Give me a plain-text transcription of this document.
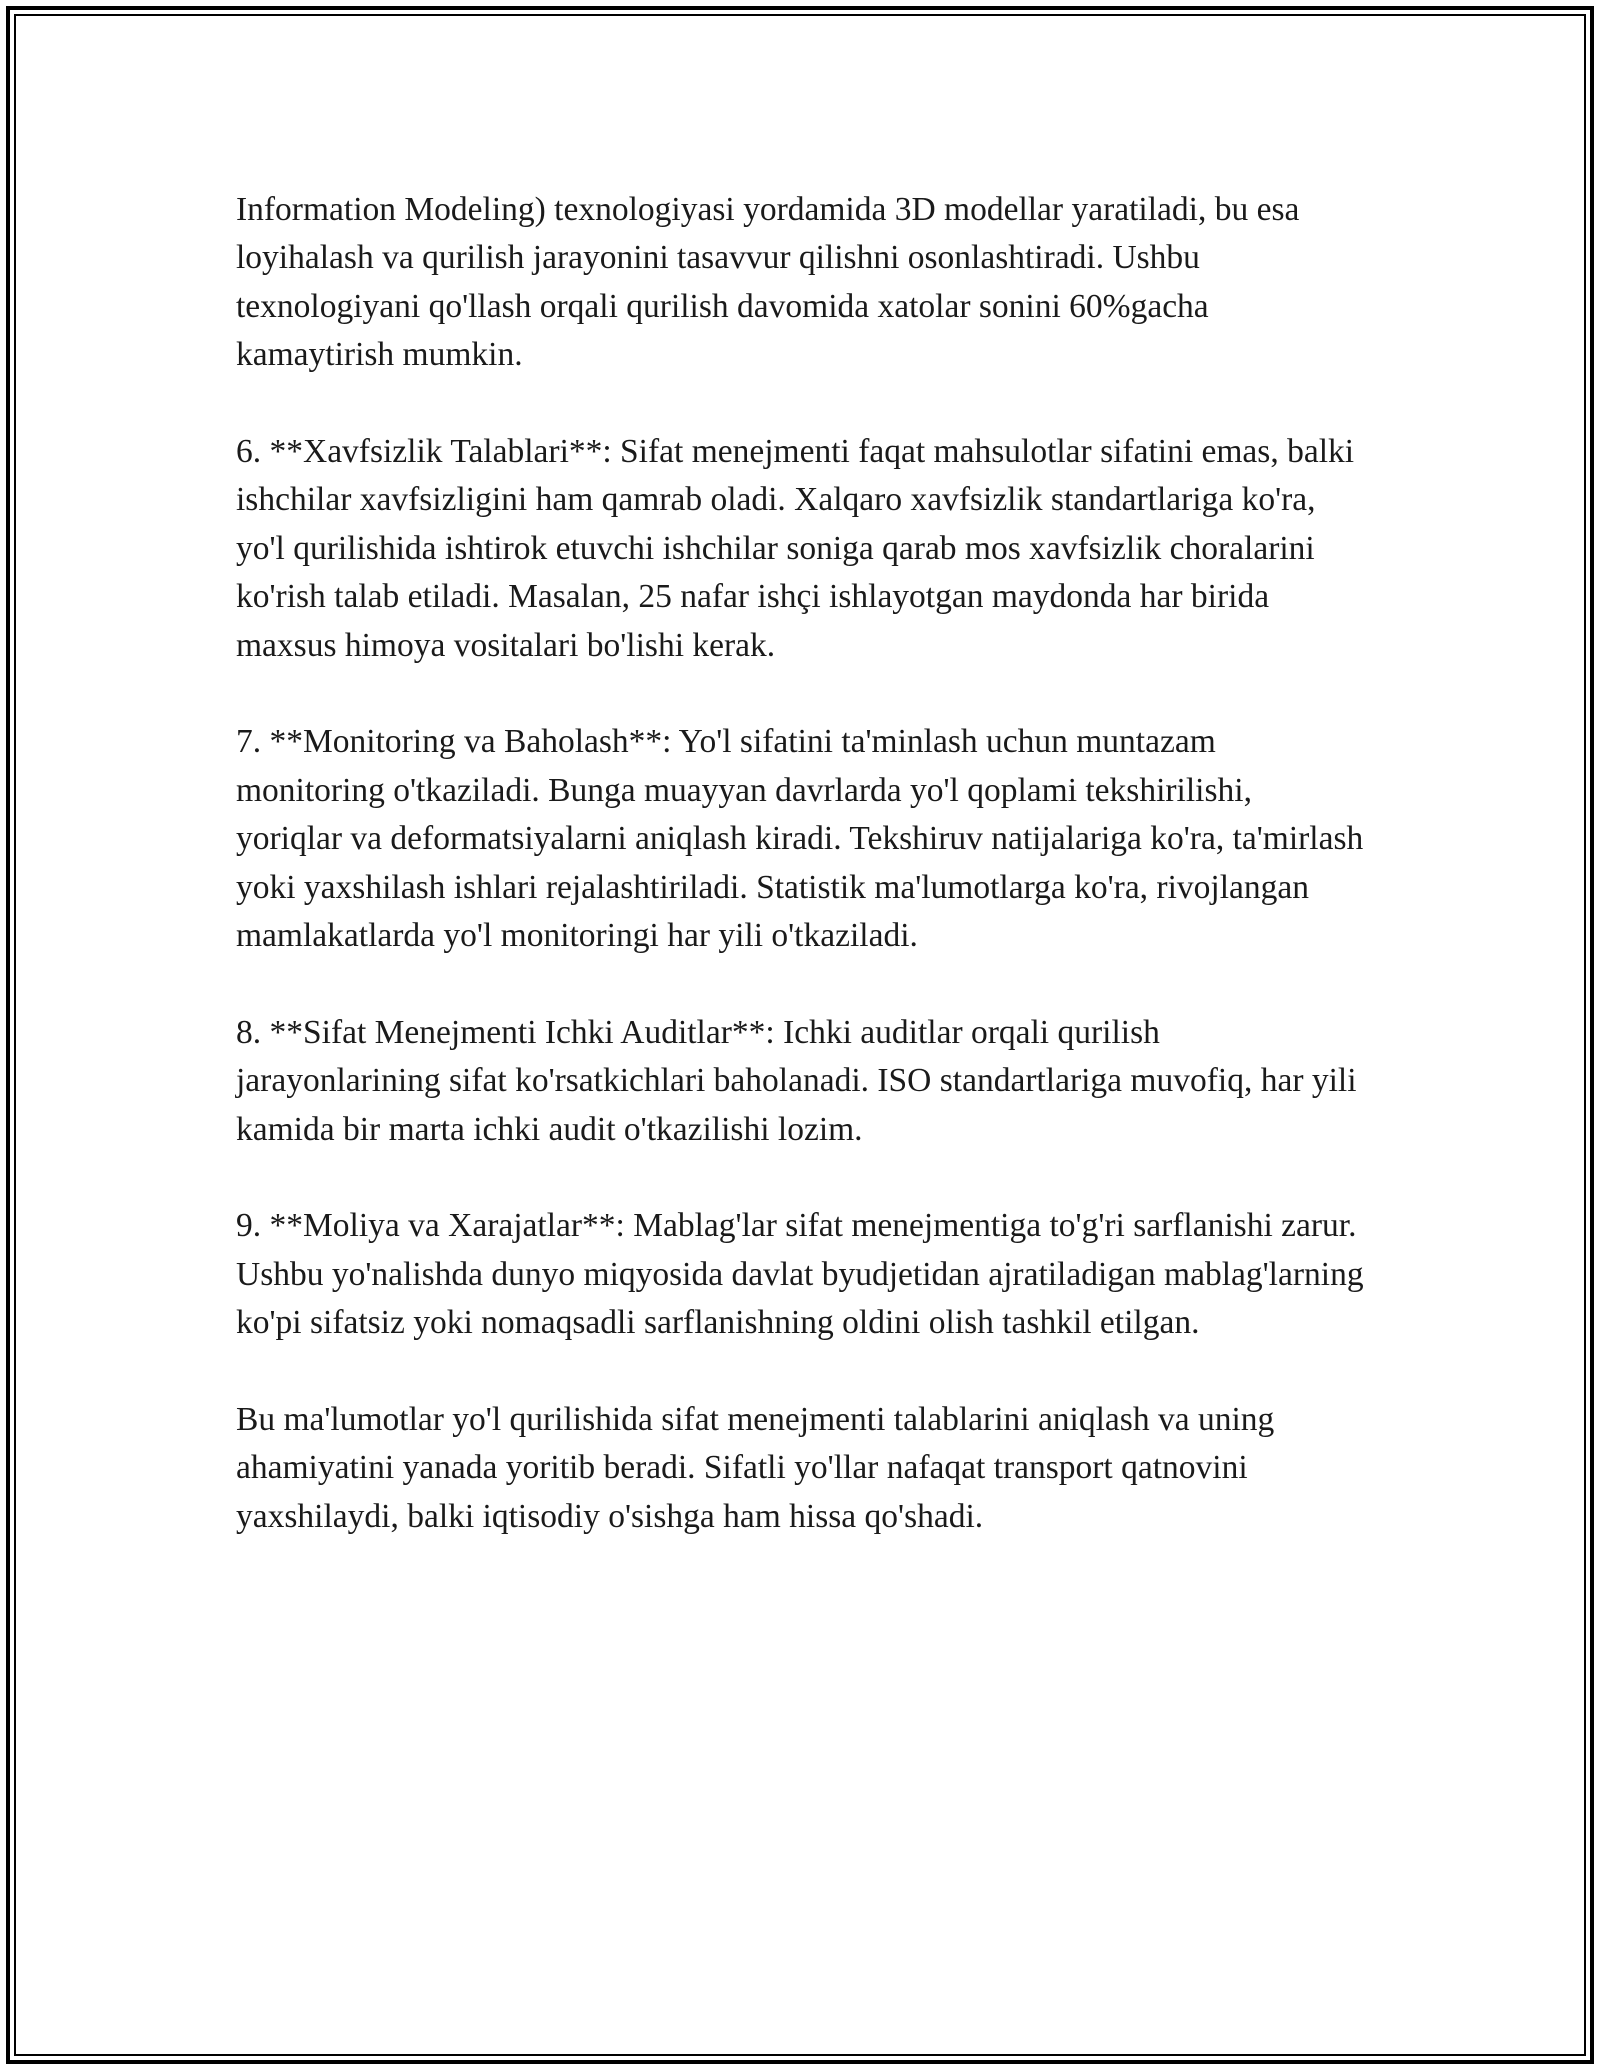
Information Modeling) texnologiyasi yordamida 3D modellar yaratiladi, bu esa loyihalash va qurilish jarayonini tasavvur qilishni osonlashtiradi. Ushbu texnologiyani qo'llash orqali qurilish davomida xatolar sonini 60%gacha kamaytirish mumkin.

6. **Xavfsizlik Talablari**: Sifat menejmenti faqat mahsulotlar sifatini emas, balki ishchilar xavfsizligini ham qamrab oladi. Xalqaro xavfsizlik standartlariga ko'ra, yo'l qurilishida ishtirok etuvchi ishchilar soniga qarab mos xavfsizlik choralarini ko'rish talab etiladi. Masalan, 25 nafar ishçi ishlayotgan maydonda har birida maxsus himoya vositalari bo'lishi kerak.

7. **Monitoring va Baholash**: Yo'l sifatini ta'minlash uchun muntazam monitoring o'tkaziladi. Bunga muayyan davrlarda yo'l qoplami tekshirilishi, yoriqlar va deformatsiyalarni aniqlash kiradi. Tekshiruv natijalariga ko'ra, ta'mirlash yoki yaxshilash ishlari rejalashtiriladi. Statistik ma'lumotlarga ko'ra, rivojlangan mamlakatlarda yo'l monitoringi har yili o'tkaziladi.

8. **Sifat Menejmenti Ichki Auditlar**: Ichki auditlar orqali qurilish jarayonlarining sifat ko'rsatkichlari baholanadi. ISO standartlariga muvofiq, har yili kamida bir marta ichki audit o'tkazilishi lozim.

9. **Moliya va Xarajatlar**: Mablag'lar sifat menejmentiga to'g'ri sarflanishi zarur. Ushbu yo'nalishda dunyo miqyosida davlat byudjetidan ajratiladigan mablag'larning ko'pi sifatsiz yoki nomaqsadli sarflanishning oldini olish tashkil etilgan.

Bu ma'lumotlar yo'l qurilishida sifat menejmenti talablarini aniqlash va uning ahamiyatini yanada yoritib beradi. Sifatli yo'llar nafaqat transport qatnovini yaxshilaydi, balki iqtisodiy o'sishga ham hissa qo'shadi.
